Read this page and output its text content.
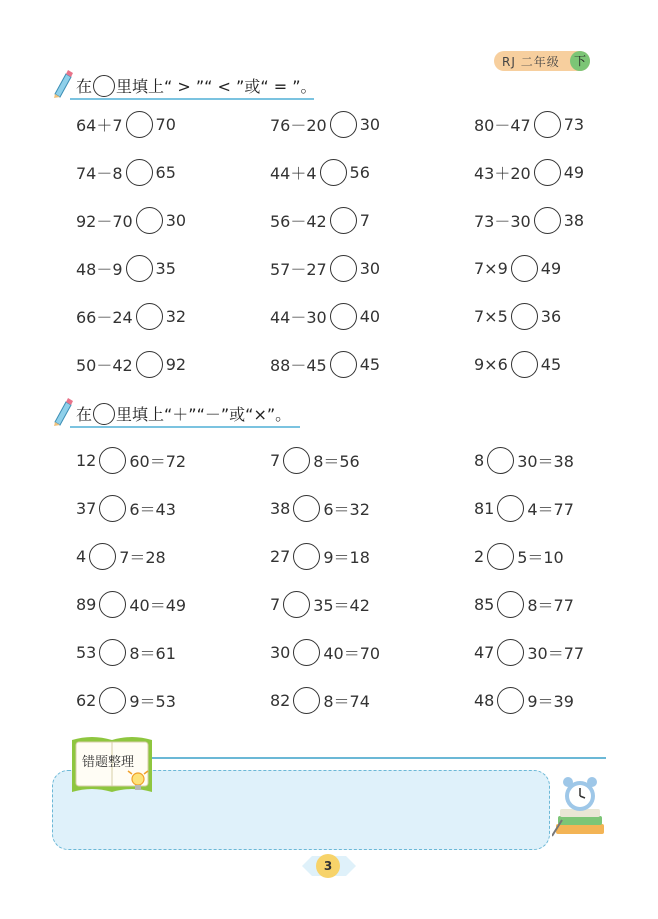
RJ 二年级	下
在 里填上“ > ”“ < ”或“ = ”。
64＋7 70	76－20 30	80－47 73
74－8 65	44＋4 56	43＋20 49
92－70 30	56－42 7	73－30 38
48－9 35	57－27 30	7×9 49
66－24 32	44－30 40	7×5 36
50－42 92	88－45 45	9×6 45
在 里填上“＋”“－”或“×”。
12 60＝72	7 8＝56	8 30＝38
37 6＝43	38 6＝32	81 4＝77
4 7＝28	27 9＝18	2 5＝10
89 40＝49	7 35＝42	85 8＝77
53 8＝61	30 40＝70	47 30＝77
62 9＝53	82 8＝74	48 9＝39
错题整理
3
